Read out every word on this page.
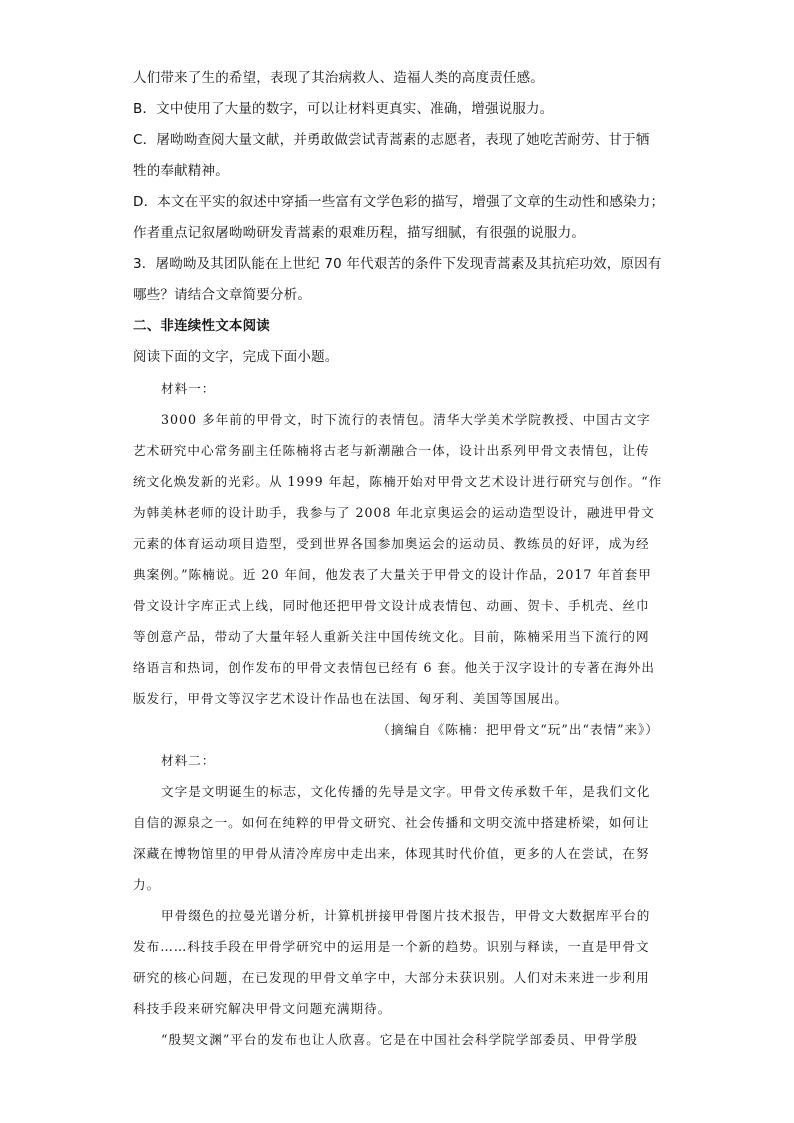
人们带来了生的希望，表现了其治病救人、造福人类的高度责任感。
B．文中使用了大量的数字，可以让材料更真实、准确，增强说服力。
C．屠呦呦查阅大量文献，并勇敢做尝试青蒿素的志愿者，表现了她吃苦耐劳、甘于牺
牲的奉献精神。
D．本文在平实的叙述中穿插一些富有文学色彩的描写，增强了文章的生动性和感染力；
作者重点记叙屠呦呦研发青蒿素的艰难历程，描写细腻，有很强的说服力。
3．屠呦呦及其团队能在上世纪 70 年代艰苦的条件下发现青蒿素及其抗疟功效，原因有
哪些？请结合文章简要分析。
二、非连续性文本阅读
阅读下面的文字，完成下面小题。
材料一：
3000 多年前的甲骨文，时下流行的表情包。清华大学美术学院教授、中国古文字
艺术研究中心常务副主任陈楠将古老与新潮融合一体，设计出系列甲骨文表情包，让传
统文化焕发新的光彩。从 1999 年起，陈楠开始对甲骨文艺术设计进行研究与创作。“作
为韩美林老师的设计助手，我参与了 2008 年北京奥运会的运动造型设计，融进甲骨文
元素的体育运动项目造型，受到世界各国参加奥运会的运动员、教练员的好评，成为经
典案例。”陈楠说。近 20 年间，他发表了大量关于甲骨文的设计作品，2017 年首套甲
骨文设计字库正式上线，同时他还把甲骨文设计成表情包、动画、贺卡、手机壳、丝巾
等创意产品，带动了大量年轻人重新关注中国传统文化。目前，陈楠采用当下流行的网
络语言和热词，创作发布的甲骨文表情包已经有 6 套。他关于汉字设计的专著在海外出
版发行，甲骨文等汉字艺术设计作品也在法国、匈牙利、美国等国展出。
（摘编自《陈楠：把甲骨文“玩”出“表情”来》）
材料二：
文字是文明诞生的标志，文化传播的先导是文字。甲骨文传承数千年，是我们文化
自信的源泉之一。如何在纯粹的甲骨文研究、社会传播和文明交流中搭建桥梁，如何让
深藏在博物馆里的甲骨从清冷库房中走出来，体现其时代价值，更多的人在尝试，在努
力。
甲骨缀色的拉曼光谱分析，计算机拼接甲骨图片技术报告，甲骨文大数据库平台的
发布……科技手段在甲骨学研究中的运用是一个新的趋势。识别与释读，一直是甲骨文
研究的核心问题，在已发现的甲骨文单字中，大部分未获识别。人们对未来进一步利用
科技手段来研究解决甲骨文问题充满期待。
“殷契文渊”平台的发布也让人欣喜。它是在中国社会科学院学部委员、甲骨学殷
